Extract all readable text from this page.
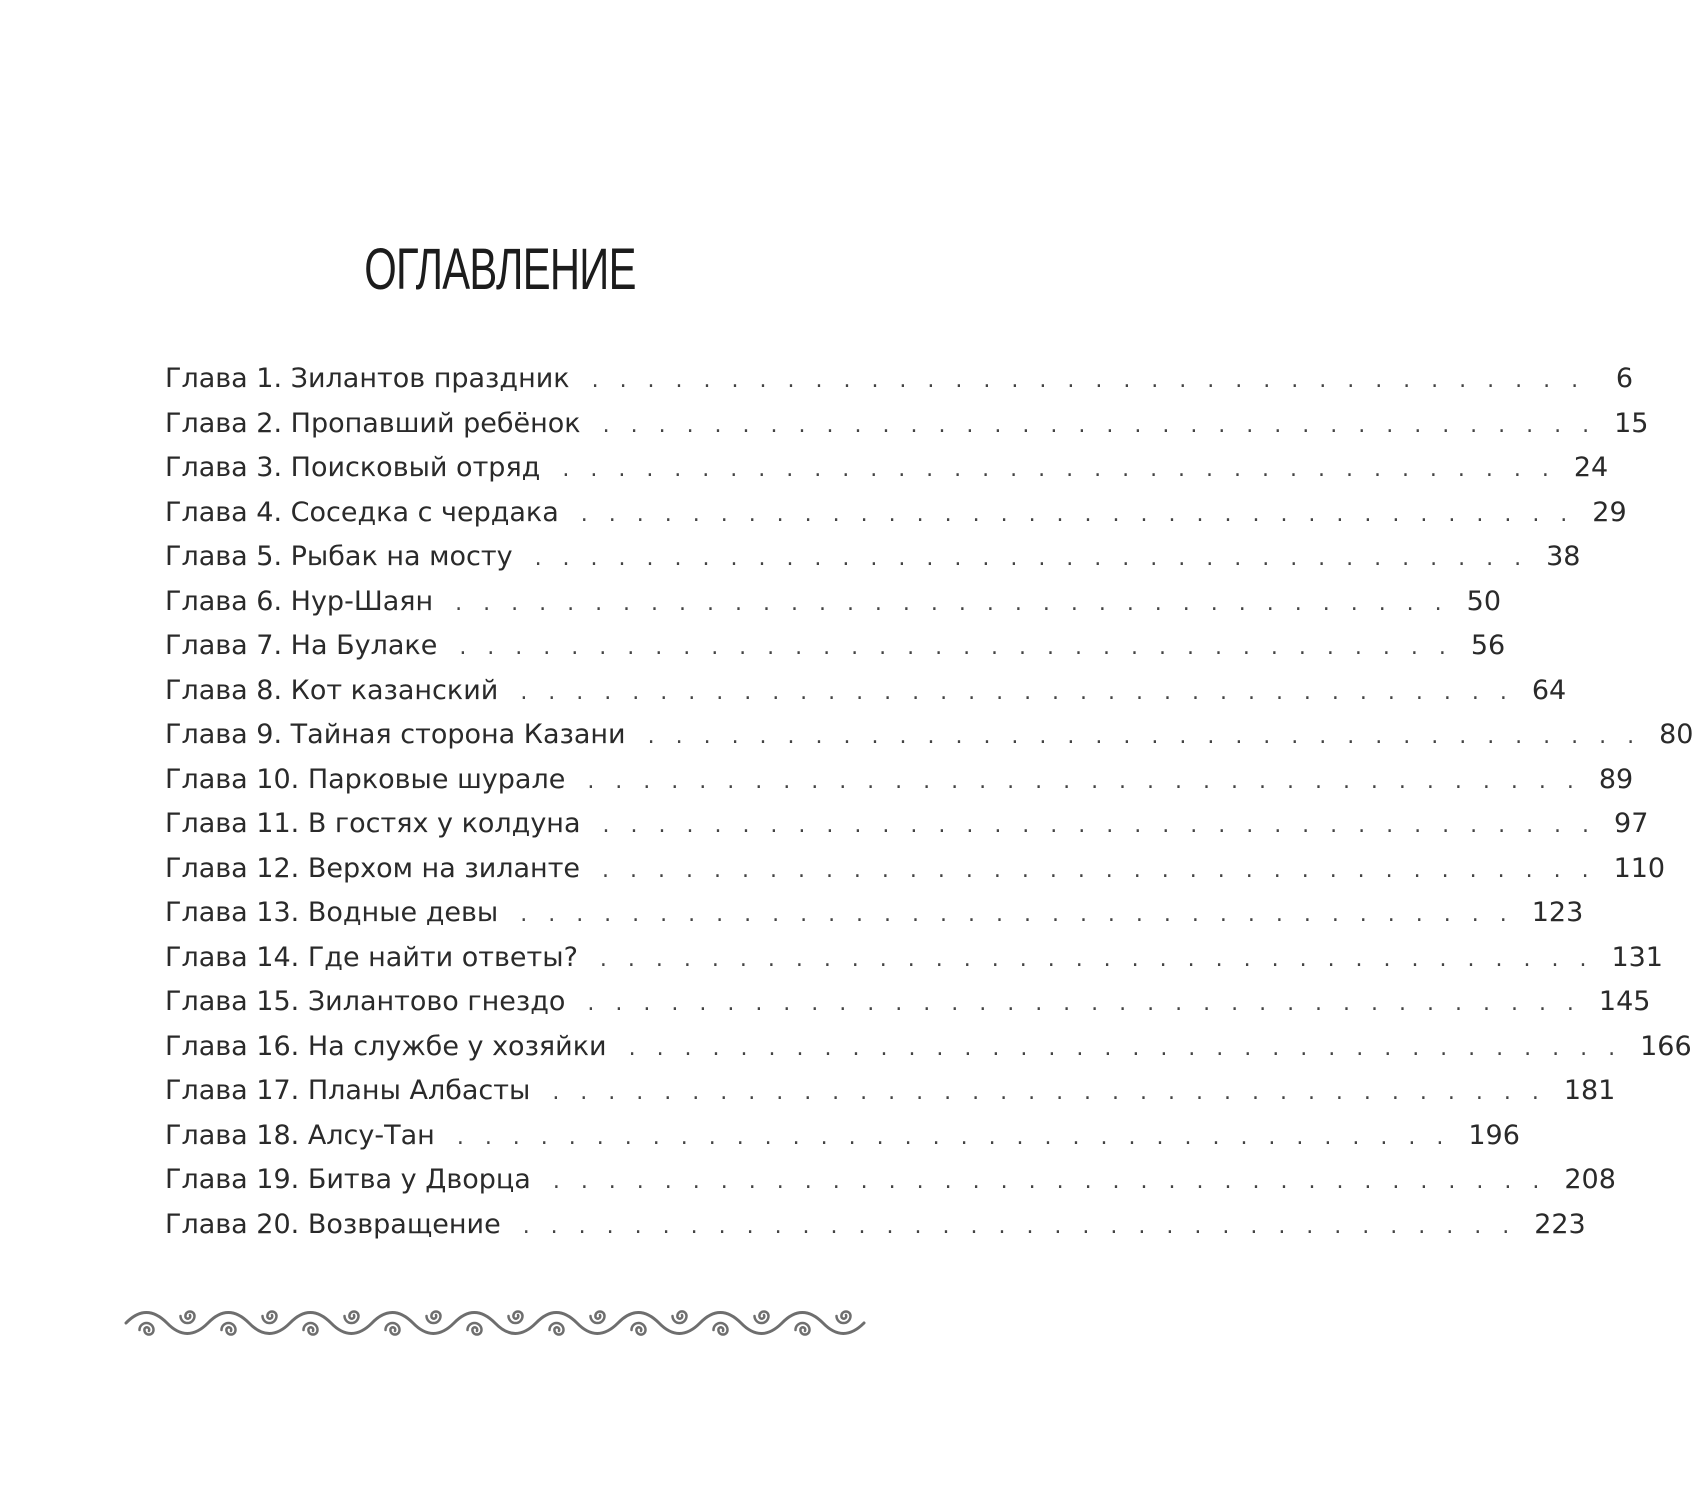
ОГЛАВЛЕНИЕ
Глава 1. Зилантов праздник . . . . . . . . . . . . . . . . . . . . . . . . . . . . . . . . . . . .	6
Глава 2. Пропавший ребёнок . . . . . . . . . . . . . . . . . . . . . . . . . . . . . . . . . . . . 15
Глава 3. Поисковый отряд . . . . . . . . . . . . . . . . . . . . . . . . . . . . . . . . . . . . 24
Глава 4. Соседка с чердака . . . . . . . . . . . . . . . . . . . . . . . . . . . . . . . . . . . . 29
Глава 5. Рыбак на мосту . . . . . . . . . . . . . . . . . . . . . . . . . . . . . . . . . . . . 38
Глава 6. Нур-Шаян . . . . . . . . . . . . . . . . . . . . . . . . . . . . . . . . . . . . 50
Глава 7. На Булаке . . . . . . . . . . . . . . . . . . . . . . . . . . . . . . . . . . . . 56
Глава 8. Кот казанский . . . . . . . . . . . . . . . . . . . . . . . . . . . . . . . . . . . . 64
Глава 9. Тайная сторона Казани . . . . . . . . . . . . . . . . . . . . . . . . . . . . . . . . . . . . 80
Глава 10. Парковые шурале . . . . . . . . . . . . . . . . . . . . . . . . . . . . . . . . . . . . 89
Глава 11. В гостях у колдуна . . . . . . . . . . . . . . . . . . . . . . . . . . . . . . . . . . . . 97
Глава 12. Верхом на зиланте . . . . . . . . . . . . . . . . . . . . . . . . . . . . . . . . . . . . 110
Глава 13. Водные девы . . . . . . . . . . . . . . . . . . . . . . . . . . . . . . . . . . . . 123
Глава 14. Где найти ответы? . . . . . . . . . . . . . . . . . . . . . . . . . . . . . . . . . . . . 131
Глава 15. Зилантово гнездо . . . . . . . . . . . . . . . . . . . . . . . . . . . . . . . . . . . . 145
Глава 16. На службе у хозяйки . . . . . . . . . . . . . . . . . . . . . . . . . . . . . . . . . . . . 166
Глава 17. Планы Албасты . . . . . . . . . . . . . . . . . . . . . . . . . . . . . . . . . . . . 181
Глава 18. Алсу-Тан . . . . . . . . . . . . . . . . . . . . . . . . . . . . . . . . . . . . 196
Глава 19. Битва у Дворца . . . . . . . . . . . . . . . . . . . . . . . . . . . . . . . . . . . . 208
Глава 20. Возвращение . . . . . . . . . . . . . . . . . . . . . . . . . . . . . . . . . . . . 223
